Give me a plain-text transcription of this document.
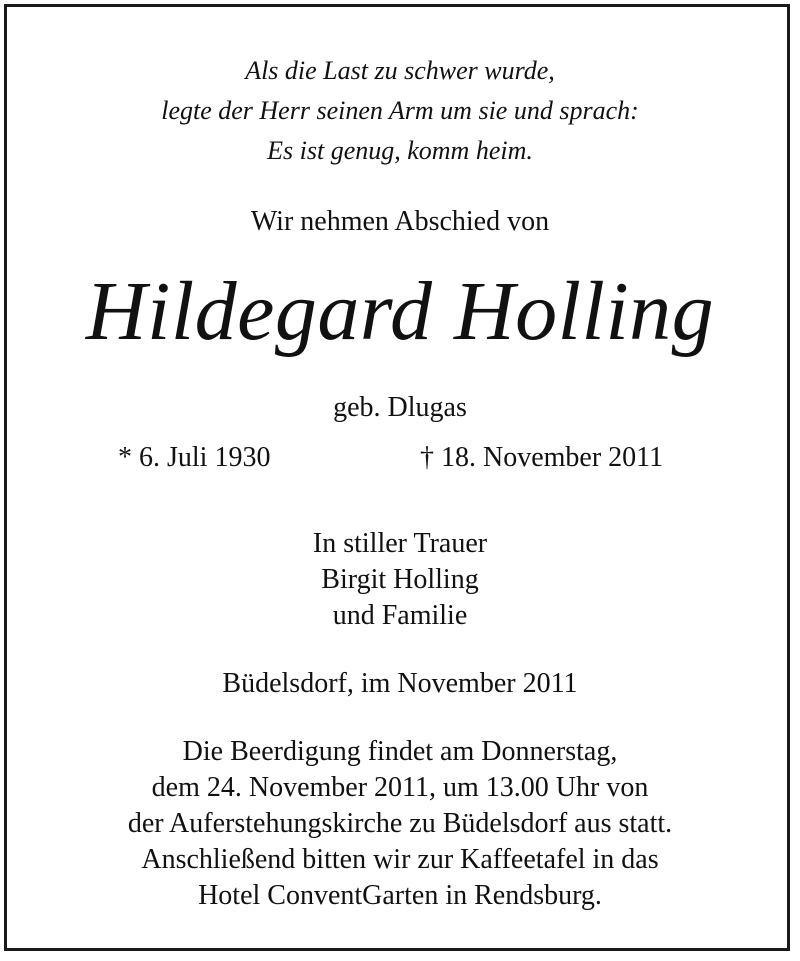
Als die Last zu schwer wurde,
legte der Herr seinen Arm um sie und sprach:
Es ist genug, komm heim.
Wir nehmen Abschied von
Hildegard Holling
geb. Dlugas
* 6. Juli 1930	† 18. November 2011
In stiller Trauer
Birgit Holling
und Familie
Büdelsdorf, im November 2011
Die Beerdigung findet am Donnerstag,
dem 24. November 2011, um 13.00 Uhr von
der Auferstehungskirche zu Büdelsdorf aus statt.
Anschließend bitten wir zur Kaffeetafel in das
Hotel ConventGarten in Rendsburg.
